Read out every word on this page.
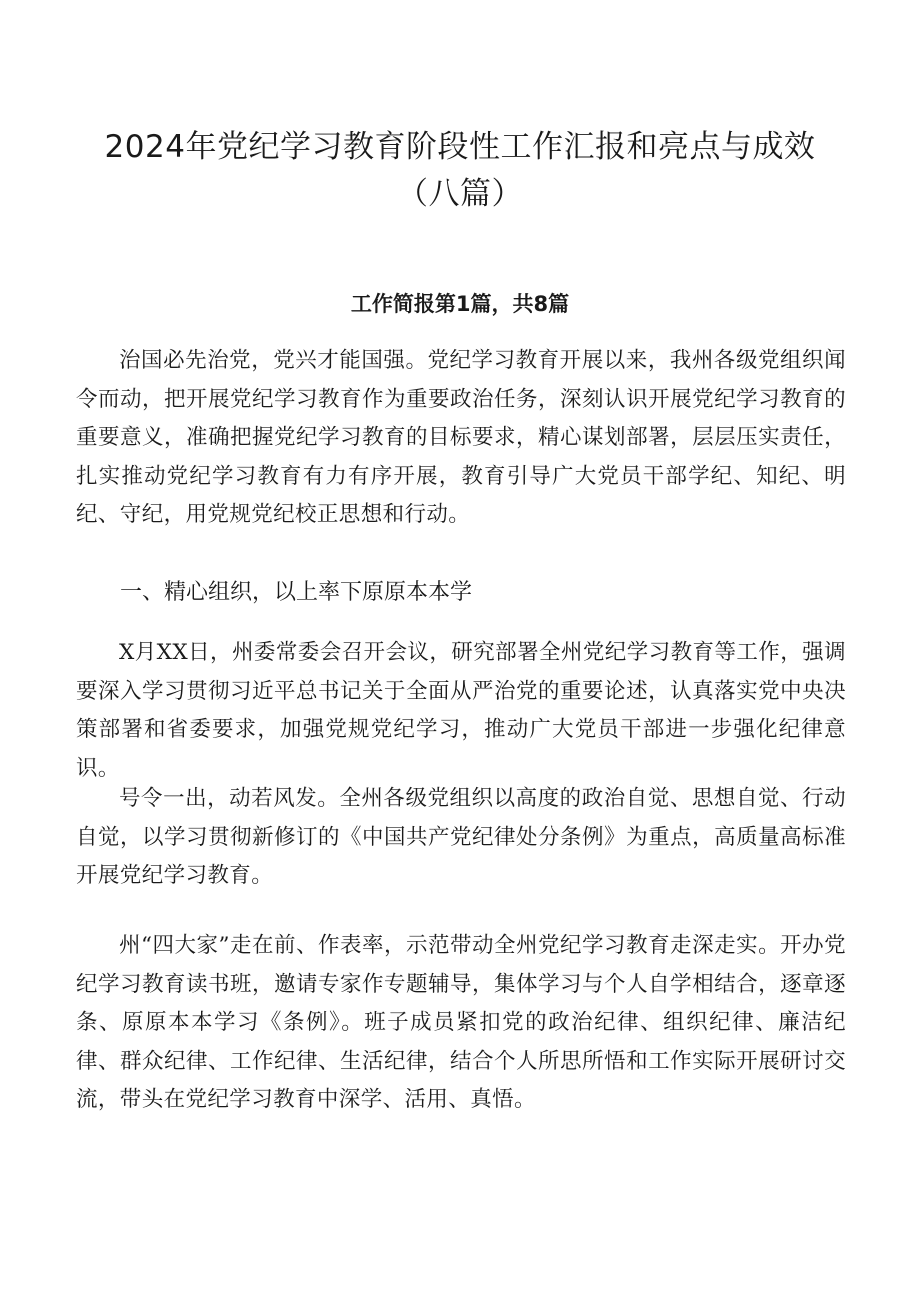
2024年党纪学习教育阶段性工作汇报和亮点与成效
（八篇）
工作简报第1篇，共8篇

治国必先治党，党兴才能国强。党纪学习教育开展以来，我州各级党组织闻令而动，把开展党纪学习教育作为重要政治任务，深刻认识开展党纪学习教育的重要意义，准确把握党纪学习教育的目标要求，精心谋划部署，层层压实责任，扎实推动党纪学习教育有力有序开展，教育引导广大党员干部学纪、知纪、明纪、守纪，用党规党纪校正思想和行动。

一、精心组织，以上率下原原本本学

X月XX日，州委常委会召开会议，研究部署全州党纪学习教育等工作，强调要深入学习贯彻习近平总书记关于全面从严治党的重要论述，认真落实党中央决策部署和省委要求，加强党规党纪学习，推动广大党员干部进一步强化纪律意识。

号令一出，动若风发。全州各级党组织以高度的政治自觉、思想自觉、行动自觉，以学习贯彻新修订的《中国共产党纪律处分条例》为重点，高质量高标准开展党纪学习教育。

州“四大家”走在前、作表率，示范带动全州党纪学习教育走深走实。开办党纪学习教育读书班，邀请专家作专题辅导，集体学习与个人自学相结合，逐章逐条、原原本本学习《条例》。班子成员紧扣党的政治纪律、组织纪律、廉洁纪律、群众纪律、工作纪律、生活纪律，结合个人所思所悟和工作实际开展研讨交流，带头在党纪学习教育中深学、活用、真悟。
